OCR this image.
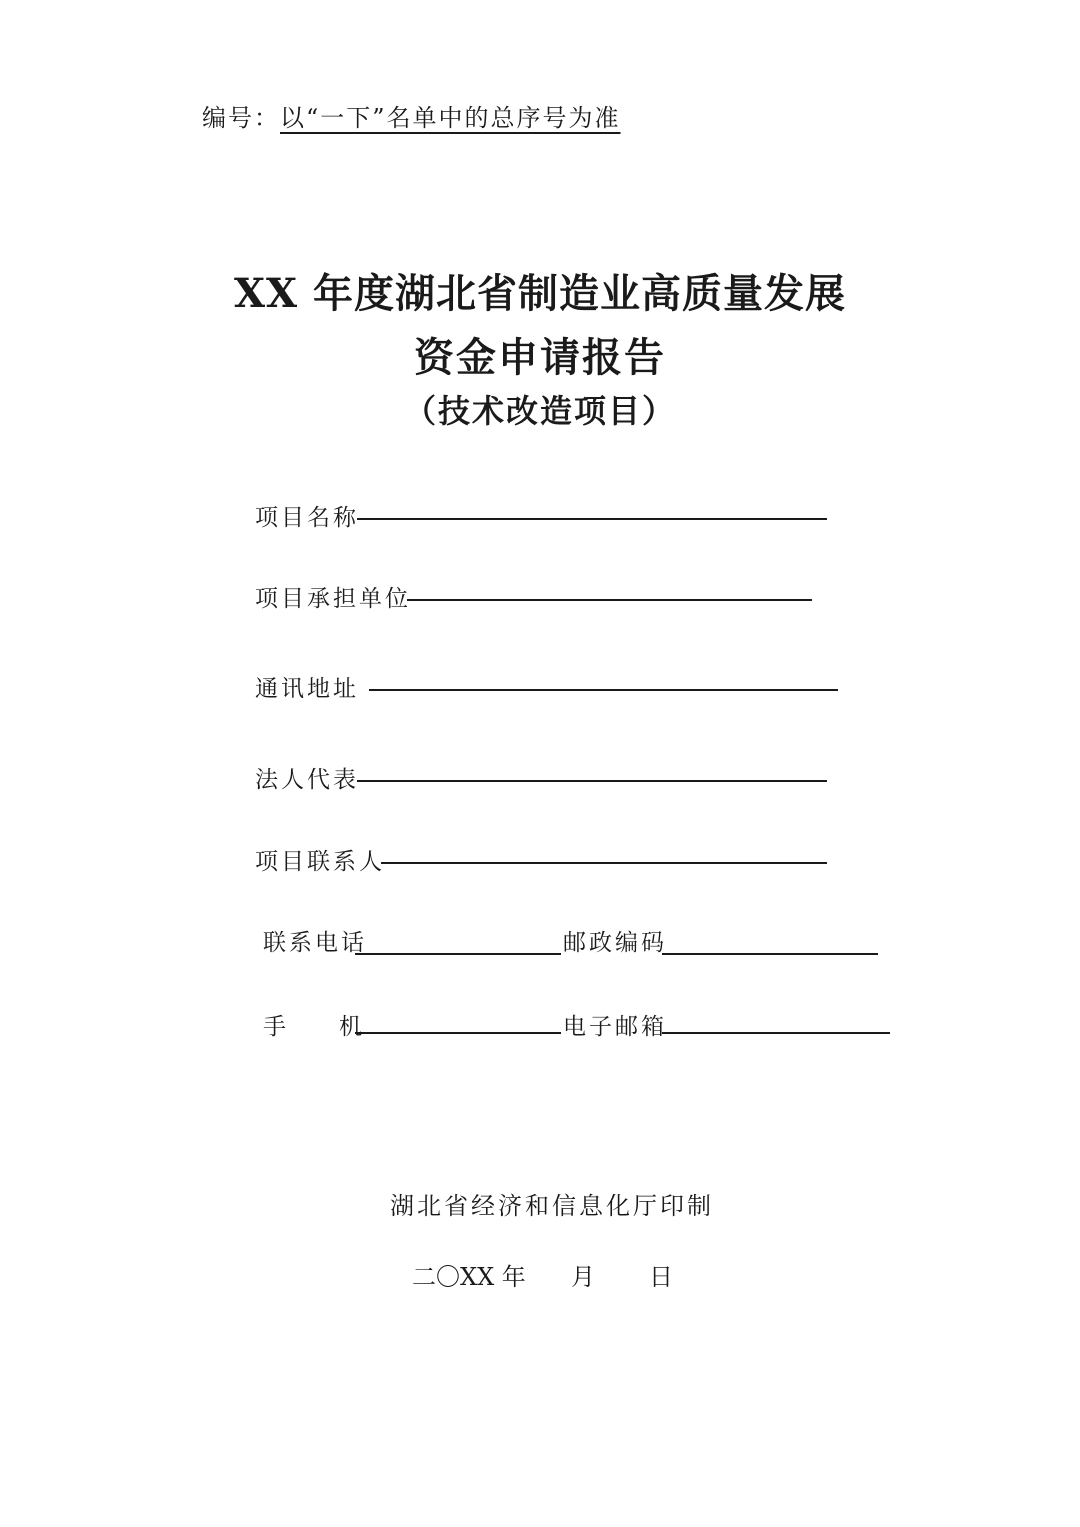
编号：以“一下”名单中的总序号为准
XX 年度湖北省制造业高质量发展
资金申请报告
（技术改造项目）
项目名称
项目承担单位
通讯地址
法人代表
项目联系人
联系电话	邮政编码
手 机	电子邮箱
湖北省经济和信息化厅印制
二〇XX 年 月 日
